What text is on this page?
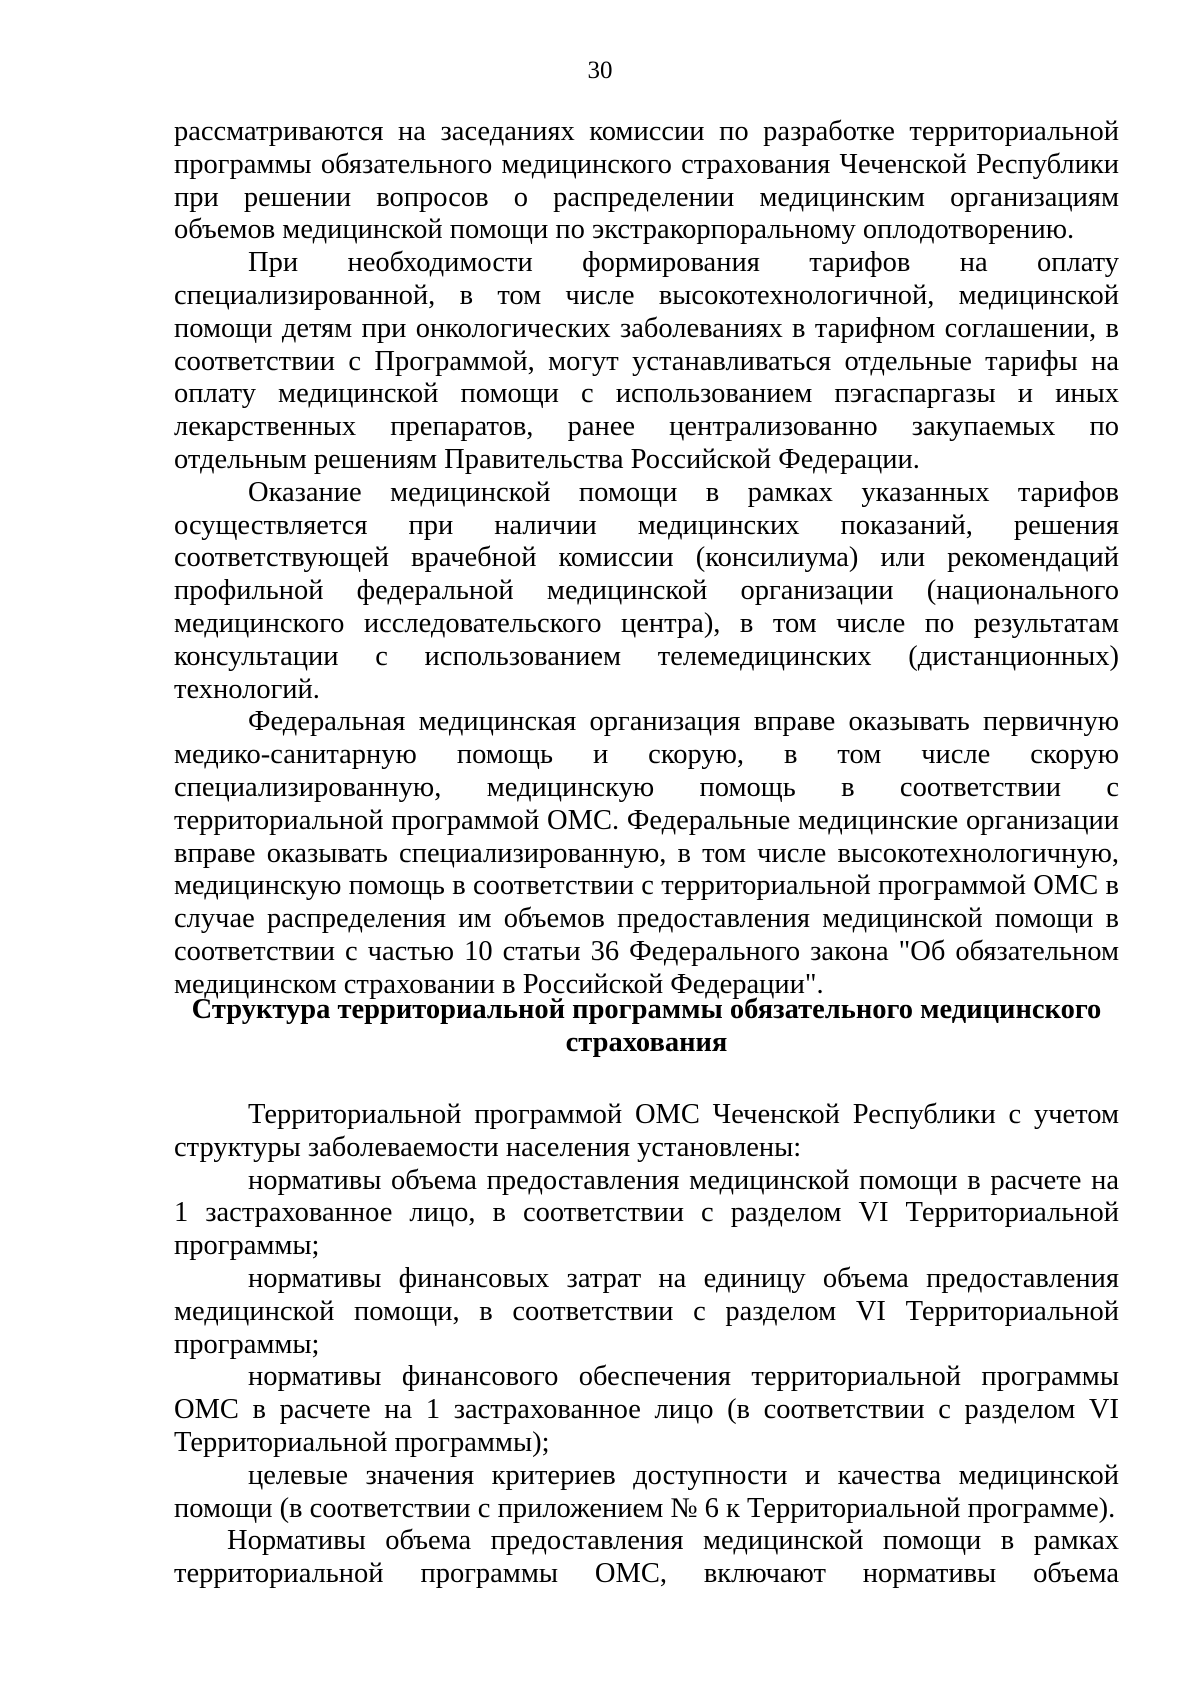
30

рассматриваются на заседаниях комиссии по разработке территориальной программы обязательного медицинского страхования Чеченской Республики при решении вопросов о распределении медицинским организациям объемов медицинской помощи по экстракорпоральному оплодотворению.

При необходимости формирования тарифов на оплату специализированной, в том числе высокотехнологичной, медицинской помощи детям при онкологических заболеваниях в тарифном соглашении, в соответствии с Программой, могут устанавливаться отдельные тарифы на оплату медицинской помощи с использованием пэгаспаргазы и иных лекарственных препаратов, ранее централизованно закупаемых по отдельным решениям Правительства Российской Федерации.

Оказание медицинской помощи в рамках указанных тарифов осуществляется при наличии медицинских показаний, решения соответствующей врачебной комиссии (консилиума) или рекомендаций профильной федеральной медицинской организации (национального медицинского исследовательского центра), в том числе по результатам консультации с использованием телемедицинских (дистанционных) технологий.

Федеральная медицинская организация вправе оказывать первичную медико-санитарную помощь и скорую, в том числе скорую специализированную, медицинскую помощь в соответствии с территориальной программой ОМС. Федеральные медицинские организации вправе оказывать специализированную, в том числе высокотехнологичную, медицинскую помощь в соответствии с территориальной программой ОМС в случае распределения им объемов предоставления медицинской помощи в соответствии с частью 10 статьи 36 Федерального закона "Об обязательном медицинском страховании в Российской Федерации".

Структура территориальной программы обязательного медицинского страхования

Территориальной программой ОМС Чеченской Республики с учетом структуры заболеваемости населения установлены:

нормативы объема предоставления медицинской помощи в расчете на 1 застрахованное лицо, в соответствии с разделом VI Территориальной программы;

нормативы финансовых затрат на единицу объема предоставления медицинской помощи, в соответствии с разделом VI Территориальной программы;

нормативы финансового обеспечения территориальной программы ОМС в расчете на 1 застрахованное лицо (в соответствии с разделом VI Территориальной программы);

целевые значения критериев доступности и качества медицинской помощи (в соответствии с приложением № 6 к Территориальной программе).

Нормативы объема предоставления медицинской помощи в рамках территориальной программы ОМС, включают нормативы объема
